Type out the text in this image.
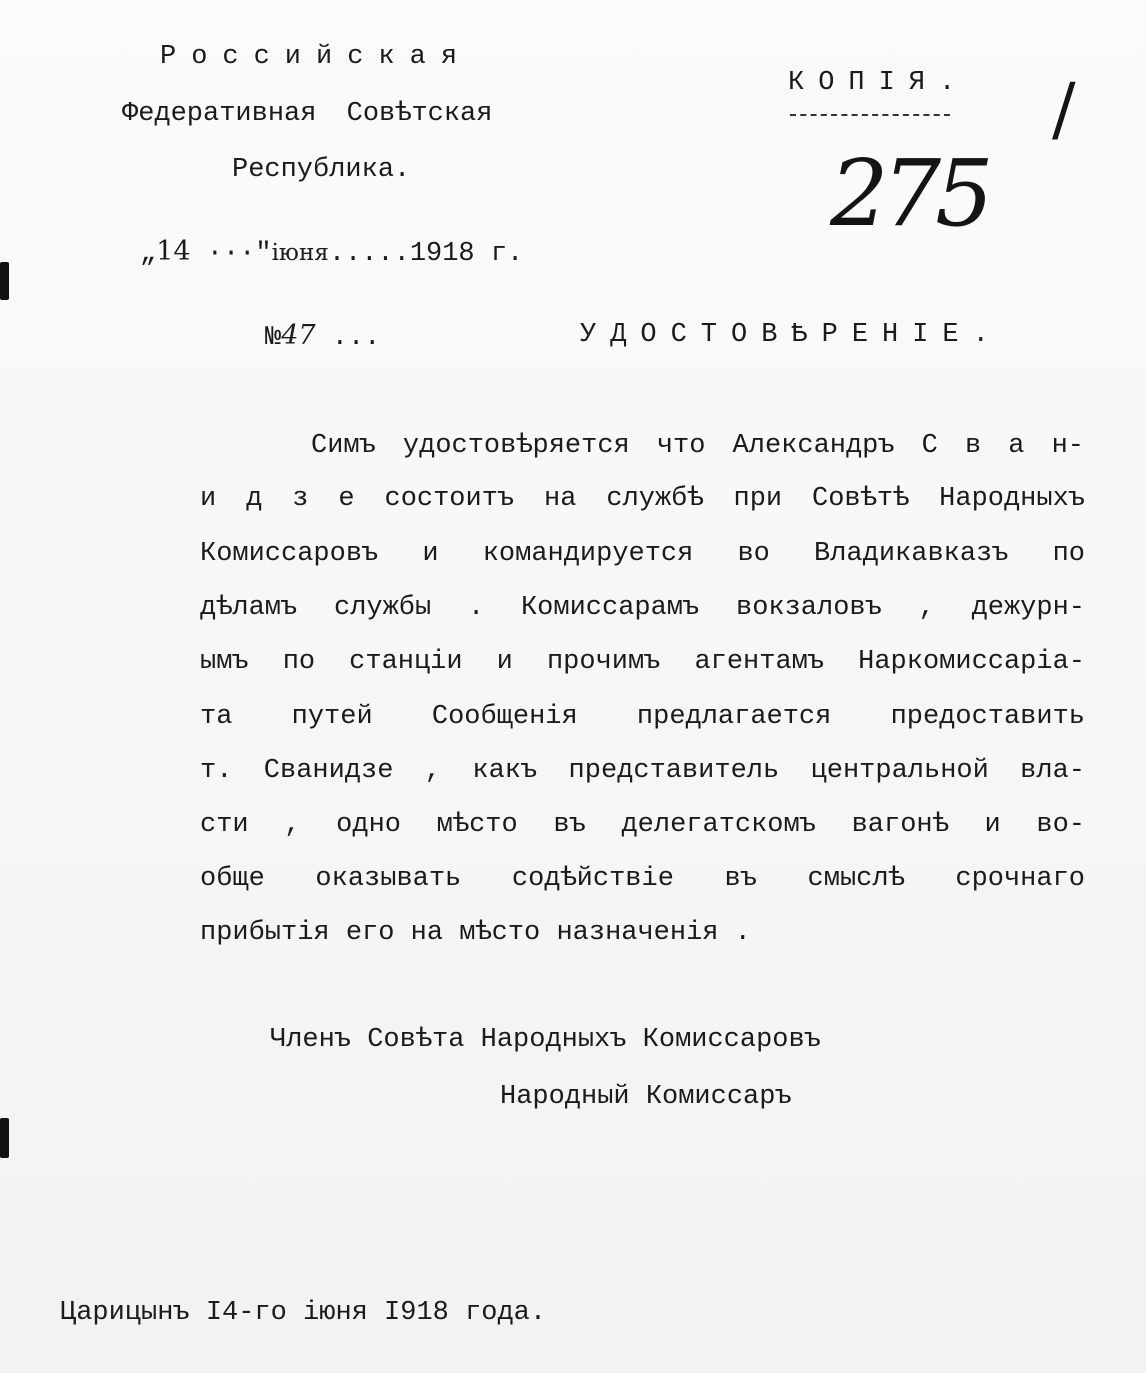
Российская
Федеративная Совѣтская
Республика.
КОПІЯ. /
275
„14 ···"іюня.....1918 г.
№47 ...	УДОСТОВѢРЕНІЕ.
Симъ удостовѣряется что Александръ С в а н-
и д з е состоитъ на службѣ при Совѣтѣ Народныхъ
Комиссаровъ и командируется во Владикавказъ по
дѣламъ службы . Комиссарамъ вокзаловъ , дежурн-
ымъ по станціи и прочимъ агентамъ Наркомиссаріа-
та путей Сообщенія предлагается предоставить
т. Сванидзе , какъ представитель центральной вла-
сти , одно мѣсто въ делегатскомъ вагонѣ и во-
обще оказывать содѣйствіе въ смыслѣ срочнаго
прибытія его на мѣсто назначенія .
Членъ Совѣта Народныхъ Комиссаровъ
Народный Комиссаръ
Царицынъ I4-го іюня I918 года.
